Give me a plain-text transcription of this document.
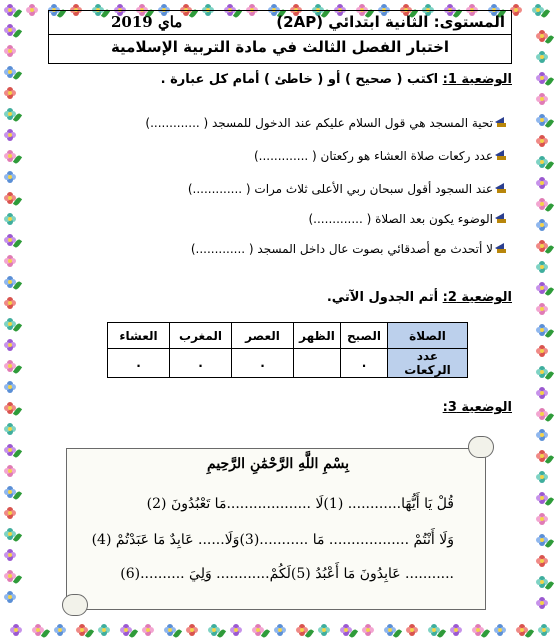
المستوى: الثانية ابتدائي (2AP)
ماي 2019
اختبار الفصل الثالث في مادة التربية الإسلامية
الوضعية 1: اكتب ( صحيح ) أو ( خاطئ ) أمام كل عبارة .
تحية المسجد هي قول السلام عليكم عند الدخول للمسجد ( .............)
عدد ركعات صلاة العشاء هو ركعتان ( .............)
عند السجود أقول سبحان ربي الأعلى ثلاث مرات ( .............)
الوضوء يكون بعد الصلاة ( .............)
لا أتحدث مع أصدقائي بصوت عال داخل المسجد ( .............)
الوضعية 2: أتم الجدول الآتي.
الصلاة	الصبح	الظهر	العصر	المغرب	العشاء
عدد الركعات	.		.	.	.
الوضعية 3:
بِسْمِ اللَّهِ الرَّحْمَٰنِ الرَّحِيمِ
قُلْ يَا أَيُّهَا............ (1)لَا ...................مَا تَعْبُدُونَ (2)
وَلَا أَنْتُمْ .................. مَا ...........(3)وَلَا...... عَابِدٌ مَا عَبَدْتُمْ (4)
........... عَابِدُونَ مَا أَعْبُدُ (5)لَكُمْ............ وَلِيَ ..........(6)
